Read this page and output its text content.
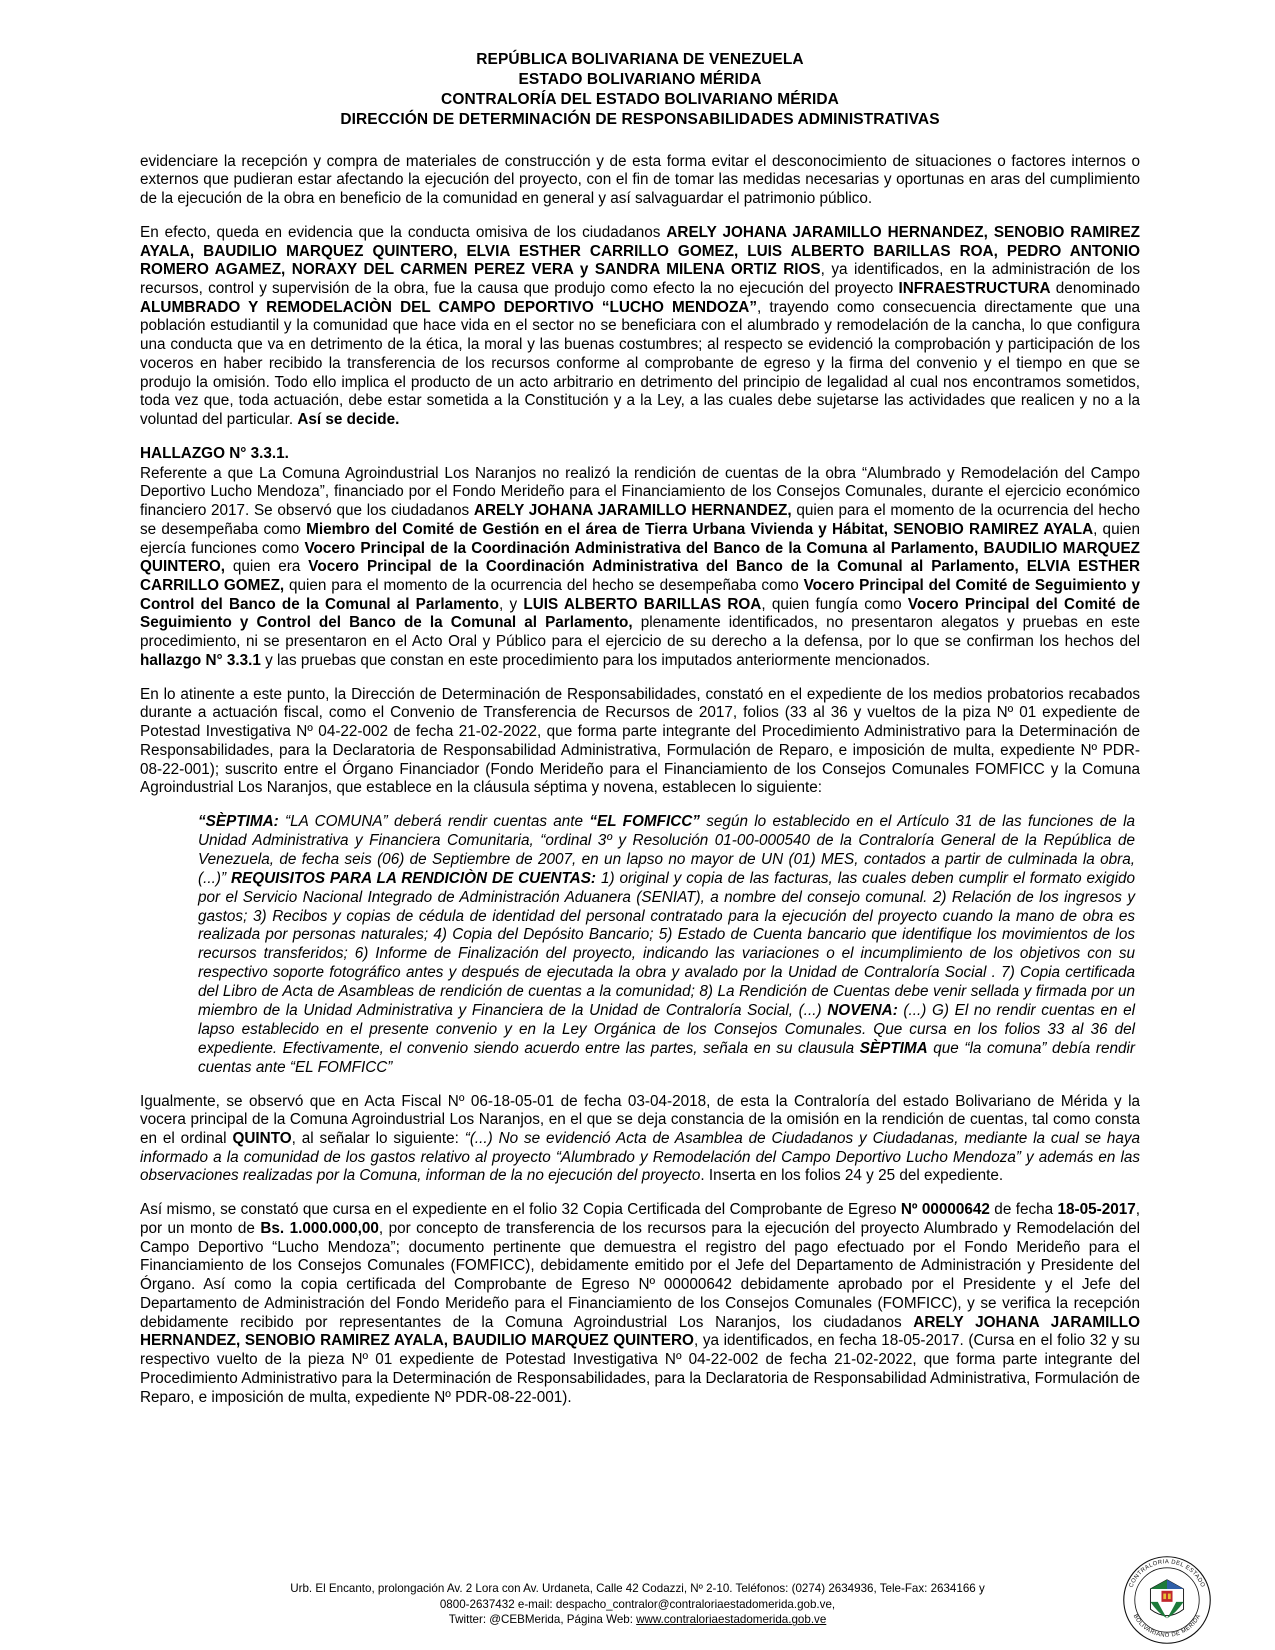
REPÚBLICA BOLIVARIANA DE VENEZUELA
ESTADO BOLIVARIANO MÉRIDA
CONTRALORÍA DEL ESTADO BOLIVARIANO MÉRIDA
DIRECCIÓN DE DETERMINACIÓN DE RESPONSABILIDADES ADMINISTRATIVAS

evidenciare la recepción y compra de materiales de construcción y de esta forma evitar el desconocimiento de situaciones o factores internos o externos que pudieran estar afectando la ejecución del proyecto, con el fin de tomar las medidas necesarias y oportunas en aras del cumplimiento de la ejecución de la obra en beneficio de la comunidad en general y así salvaguardar el patrimonio público.

En efecto, queda en evidencia que la conducta omisiva de los ciudadanos ARELY JOHANA JARAMILLO HERNANDEZ, SENOBIO RAMIREZ AYALA, BAUDILIO MARQUEZ QUINTERO, ELVIA ESTHER CARRILLO GOMEZ, LUIS ALBERTO BARILLAS ROA, PEDRO ANTONIO ROMERO AGAMEZ, NORAXY DEL CARMEN PEREZ VERA y SANDRA MILENA ORTIZ RIOS, ya identificados, en la administración de los recursos, control y supervisión de la obra, fue la causa que produjo como efecto la no ejecución del proyecto INFRAESTRUCTURA denominado ALUMBRADO Y REMODELACIÒN DEL CAMPO DEPORTIVO “LUCHO MENDOZA”, trayendo como consecuencia directamente que una población estudiantil y la comunidad que hace vida en el sector no se beneficiara con el alumbrado y remodelación de la cancha, lo que configura una conducta que va en detrimento de la ética, la moral y las buenas costumbres; al respecto se evidenció la comprobación y participación de los voceros en haber recibido la transferencia de los recursos conforme al comprobante de egreso y la firma del convenio y el tiempo en que se produjo la omisión. Todo ello implica el producto de un acto arbitrario en detrimento del principio de legalidad al cual nos encontramos sometidos, toda vez que, toda actuación, debe estar sometida a la Constitución y a la Ley, a las cuales debe sujetarse las actividades que realicen y no a la voluntad del particular. Así se decide.

HALLAZGO N° 3.3.1.

Referente a que La Comuna Agroindustrial Los Naranjos no realizó la rendición de cuentas de la obra “Alumbrado y Remodelación del Campo Deportivo Lucho Mendoza”, financiado por el Fondo Merideño para el Financiamiento de los Consejos Comunales, durante el ejercicio económico financiero 2017. Se observó que los ciudadanos ARELY JOHANA JARAMILLO HERNANDEZ, quien para el momento de la ocurrencia del hecho se desempeñaba como Miembro del Comité de Gestión en el área de Tierra Urbana Vivienda y Hábitat, SENOBIO RAMIREZ AYALA, quien ejercía funciones como Vocero Principal de la Coordinación Administrativa del Banco de la Comuna al Parlamento, BAUDILIO MARQUEZ QUINTERO, quien era Vocero Principal de la Coordinación Administrativa del Banco de la Comunal al Parlamento, ELVIA ESTHER CARRILLO GOMEZ, quien para el momento de la ocurrencia del hecho se desempeñaba como Vocero Principal del Comité de Seguimiento y Control del Banco de la Comunal al Parlamento, y LUIS ALBERTO BARILLAS ROA, quien fungía como Vocero Principal del Comité de Seguimiento y Control del Banco de la Comunal al Parlamento, plenamente identificados, no presentaron alegatos y pruebas en este procedimiento, ni se presentaron en el Acto Oral y Público para el ejercicio de su derecho a la defensa, por lo que se confirman los hechos del hallazgo N° 3.3.1 y las pruebas que constan en este procedimiento para los imputados anteriormente mencionados.

En lo atinente a este punto, la Dirección de Determinación de Responsabilidades, constató en el expediente de los medios probatorios recabados durante a actuación fiscal, como el Convenio de Transferencia de Recursos de 2017, folios (33 al 36 y vueltos de la piza Nº 01 expediente de Potestad Investigativa Nº 04-22-002 de fecha 21-02-2022, que forma parte integrante del Procedimiento Administrativo para la Determinación de Responsabilidades, para la Declaratoria de Responsabilidad Administrativa, Formulación de Reparo, e imposición de multa, expediente Nº PDR-08-22-001); suscrito entre el Órgano Financiador (Fondo Merideño para el Financiamiento de los Consejos Comunales FOMFICC y la Comuna Agroindustrial Los Naranjos, que establece en la cláusula séptima y novena, establecen lo siguiente:

“SÈPTIMA: “LA COMUNA” deberá rendir cuentas ante “EL FOMFICC” según lo establecido en el Artículo 31 de las funciones de la Unidad Administrativa y Financiera Comunitaria, “ordinal 3º y Resolución 01-00-000540 de la Contraloría General de la República de Venezuela, de fecha seis (06) de Septiembre de 2007, en un lapso no mayor de UN (01) MES, contados a partir de culminada la obra, (...)” REQUISITOS PARA LA RENDICIÒN DE CUENTAS: 1) original y copia de las facturas, las cuales deben cumplir el formato exigido por el Servicio Nacional Integrado de Administración Aduanera (SENIAT), a nombre del consejo comunal. 2) Relación de los ingresos y gastos; 3) Recibos y copias de cédula de identidad del personal contratado para la ejecución del proyecto cuando la mano de obra es realizada por personas naturales; 4) Copia del Depósito Bancario; 5) Estado de Cuenta bancario que identifique los movimientos de los recursos transferidos; 6) Informe de Finalización del proyecto, indicando las variaciones o el incumplimiento de los objetivos con su respectivo soporte fotográfico antes y después de ejecutada la obra y avalado por la Unidad de Contraloría Social . 7) Copia certificada del Libro de Acta de Asambleas de rendición de cuentas a la comunidad; 8) La Rendición de Cuentas debe venir sellada y firmada por un miembro de la Unidad Administrativa y Financiera de la Unidad de Contraloría Social, (...) NOVENA: (...) G) El no rendir cuentas en el lapso establecido en el presente convenio y en la Ley Orgánica de los Consejos Comunales. Que cursa en los folios 33 al 36 del expediente. Efectivamente, el convenio siendo acuerdo entre las partes, señala en su clausula SÈPTIMA que “la comuna” debía rendir cuentas ante “EL FOMFICC”

Igualmente, se observó que en Acta Fiscal Nº 06-18-05-01 de fecha 03-04-2018, de esta la Contraloría del estado Bolivariano de Mérida y la vocera principal de la Comuna Agroindustrial Los Naranjos, en el que se deja constancia de la omisión en la rendición de cuentas, tal como consta en el ordinal QUINTO, al señalar lo siguiente: “(...) No se evidenció Acta de Asamblea de Ciudadanos y Ciudadanas, mediante la cual se haya informado a la comunidad de los gastos relativo al proyecto “Alumbrado y Remodelación del Campo Deportivo Lucho Mendoza” y además en las observaciones realizadas por la Comuna, informan de la no ejecución del proyecto. Inserta en los folios 24 y 25 del expediente.

Así mismo, se constató que cursa en el expediente en el folio 32 Copia Certificada del Comprobante de Egreso Nº 00000642 de fecha 18-05-2017, por un monto de Bs. 1.000.000,00, por concepto de transferencia de los recursos para la ejecución del proyecto Alumbrado y Remodelación del Campo Deportivo “Lucho Mendoza”; documento pertinente que demuestra el registro del pago efectuado por el Fondo Merideño para el Financiamiento de los Consejos Comunales (FOMFICC), debidamente emitido por el Jefe del Departamento de Administración y Presidente del Órgano. Así como la copia certificada del Comprobante de Egreso Nº 00000642 debidamente aprobado por el Presidente y el Jefe del Departamento de Administración del Fondo Merideño para el Financiamiento de los Consejos Comunales (FOMFICC), y se verifica la recepción debidamente recibido por representantes de la Comuna Agroindustrial Los Naranjos, los ciudadanos ARELY JOHANA JARAMILLO HERNANDEZ, SENOBIO RAMIREZ AYALA, BAUDILIO MARQUEZ QUINTERO, ya identificados, en fecha 18-05-2017. (Cursa en el folio 32 y su respectivo vuelto de la pieza Nº 01 expediente de Potestad Investigativa Nº 04-22-002 de fecha 21-02-2022, que forma parte integrante del Procedimiento Administrativo para la Determinación de Responsabilidades, para la Declaratoria de Responsabilidad Administrativa, Formulación de Reparo, e imposición de multa, expediente Nº PDR-08-22-001).

Urb. El Encanto, prolongación Av. 2 Lora con Av. Urdaneta, Calle 42 Codazzi, Nº 2-10. Teléfonos: (0274) 2634936, Tele-Fax: 2634166 y
0800-2637432 e-mail: despacho_contralor@contraloriaestadomerida.gob.ve,
Twitter: @CEBMerida, Página Web: www.contraloriaestadomerida.gob.ve
CONTRALORIA DEL ESTADO
BOLIVARIANO DE MERIDA
